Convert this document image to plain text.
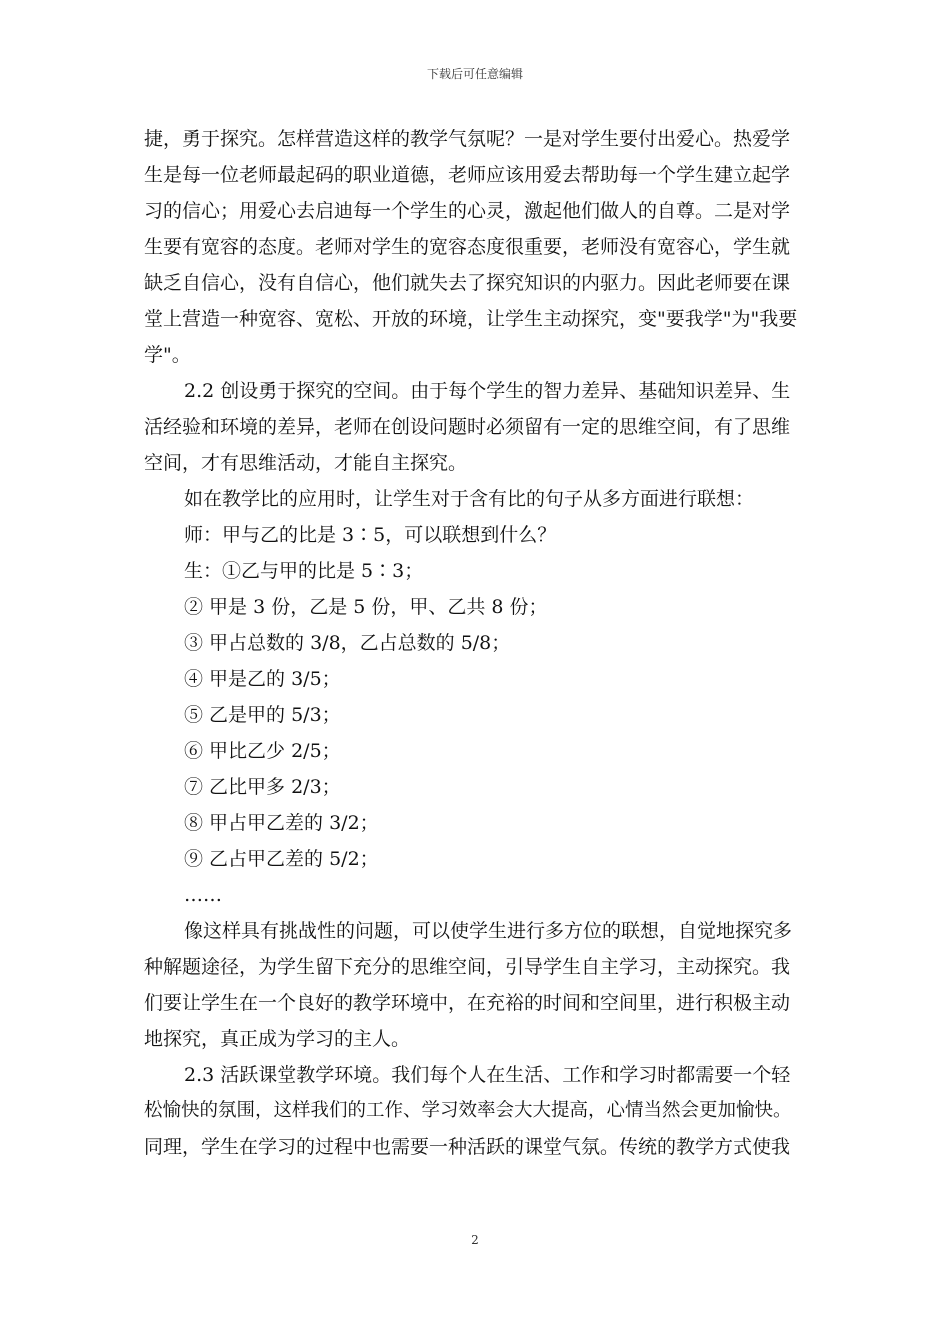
下载后可任意编辑
捷，勇于探究。怎样营造这样的教学气氛呢？一是对学生要付出爱心。热爱学
生是每一位老师最起码的职业道德，老师应该用爱去帮助每一个学生建立起学
习的信心；用爱心去启迪每一个学生的心灵，激起他们做人的自尊。二是对学
生要有宽容的态度。老师对学生的宽容态度很重要，老师没有宽容心，学生就
缺乏自信心，没有自信心，他们就失去了探究知识的内驱力。因此老师要在课
堂上营造一种宽容、宽松、开放的环境，让学生主动探究，变"要我学"为"我要
学"。
2.2 创设勇于探究的空间。由于每个学生的智力差异、基础知识差异、生
活经验和环境的差异，老师在创设问题时必须留有一定的思维空间，有了思维
空间，才有思维活动，才能自主探究。
如在教学比的应用时，让学生对于含有比的句子从多方面进行联想：
师：甲与乙的比是 3∶5，可以联想到什么？
生：①乙与甲的比是 5∶3；
② 甲是 3 份，乙是 5 份，甲、乙共 8 份；
③ 甲占总数的 3/8，乙占总数的 5/8；
④ 甲是乙的 3/5；
⑤ 乙是甲的 5/3；
⑥ 甲比乙少 2/5；
⑦ 乙比甲多 2/3；
⑧ 甲占甲乙差的 3/2；
⑨ 乙占甲乙差的 5/2；
……
像这样具有挑战性的问题，可以使学生进行多方位的联想，自觉地探究多
种解题途径，为学生留下充分的思维空间，引导学生自主学习，主动探究。我
们要让学生在一个良好的教学环境中，在充裕的时间和空间里，进行积极主动
地探究，真正成为学习的主人。
2.3 活跃课堂教学环境。我们每个人在生活、工作和学习时都需要一个轻
松愉快的氛围，这样我们的工作、学习效率会大大提高，心情当然会更加愉快。
同理，学生在学习的过程中也需要一种活跃的课堂气氛。传统的教学方式使我
2
